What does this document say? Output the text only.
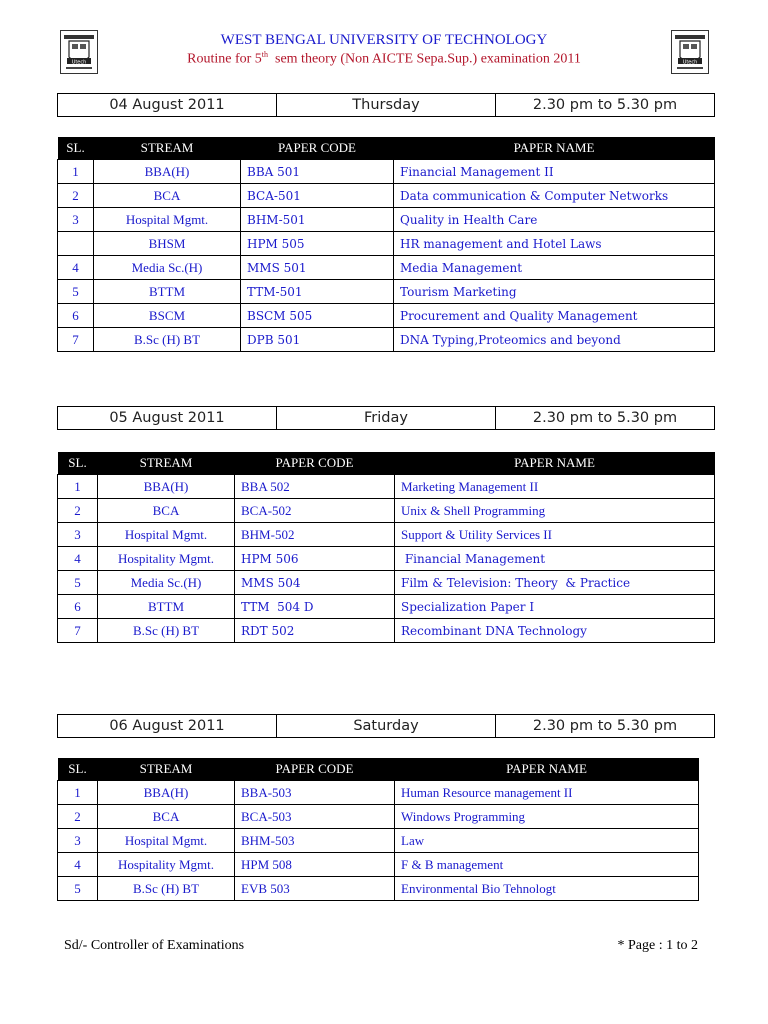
Utech	Utech
WEST BENGAL UNIVERSITY OF TECHNOLOGY
Routine for 5th  sem theory (Non AICTE Sepa.Sup.) examination 2011
04 August 2011	Thursday	2.30 pm to 5.30 pm
SL.	STREAM	PAPER CODE	PAPER NAME
1	BBA(H)	BBA 501	Financial Management II
2	BCA	BCA-501	Data communication & Computer Networks
3	Hospital Mgmt.	BHM-501	Quality in Health Care
	BHSM	HPM 505	HR management and Hotel Laws
4	Media Sc.(H)	MMS 501	Media Management
5	BTTM	TTM-501	Tourism Marketing
6	BSCM	BSCM 505	Procurement and Quality Management
7	B.Sc (H) BT	DPB 501	DNA Typing,Proteomics and beyond
05 August 2011	Friday	2.30 pm to 5.30 pm
SL.	STREAM	PAPER CODE	PAPER NAME
1	BBA(H)	BBA 502	Marketing Management II
2	BCA	BCA-502	Unix & Shell Programming
3	Hospital Mgmt.	BHM-502	Support & Utility Services II
4	Hospitality Mgmt.	HPM 506	Financial Management
5	Media Sc.(H)	MMS 504	Film & Television: Theory  & Practice
6	BTTM	TTM  504 D	Specialization Paper I
7	B.Sc (H) BT	RDT 502	Recombinant DNA Technology
06 August 2011	Saturday	2.30 pm to 5.30 pm
SL.	STREAM	PAPER CODE	PAPER NAME
1	BBA(H)	BBA-503	Human Resource management II
2	BCA	BCA-503	Windows Programming
3	Hospital Mgmt.	BHM-503	Law
4	Hospitality Mgmt.	HPM 508	F & B management
5	B.Sc (H) BT	EVB 503	Environmental Bio Tehnologt
Sd/- Controller of Examinations	* Page : 1 to 2
